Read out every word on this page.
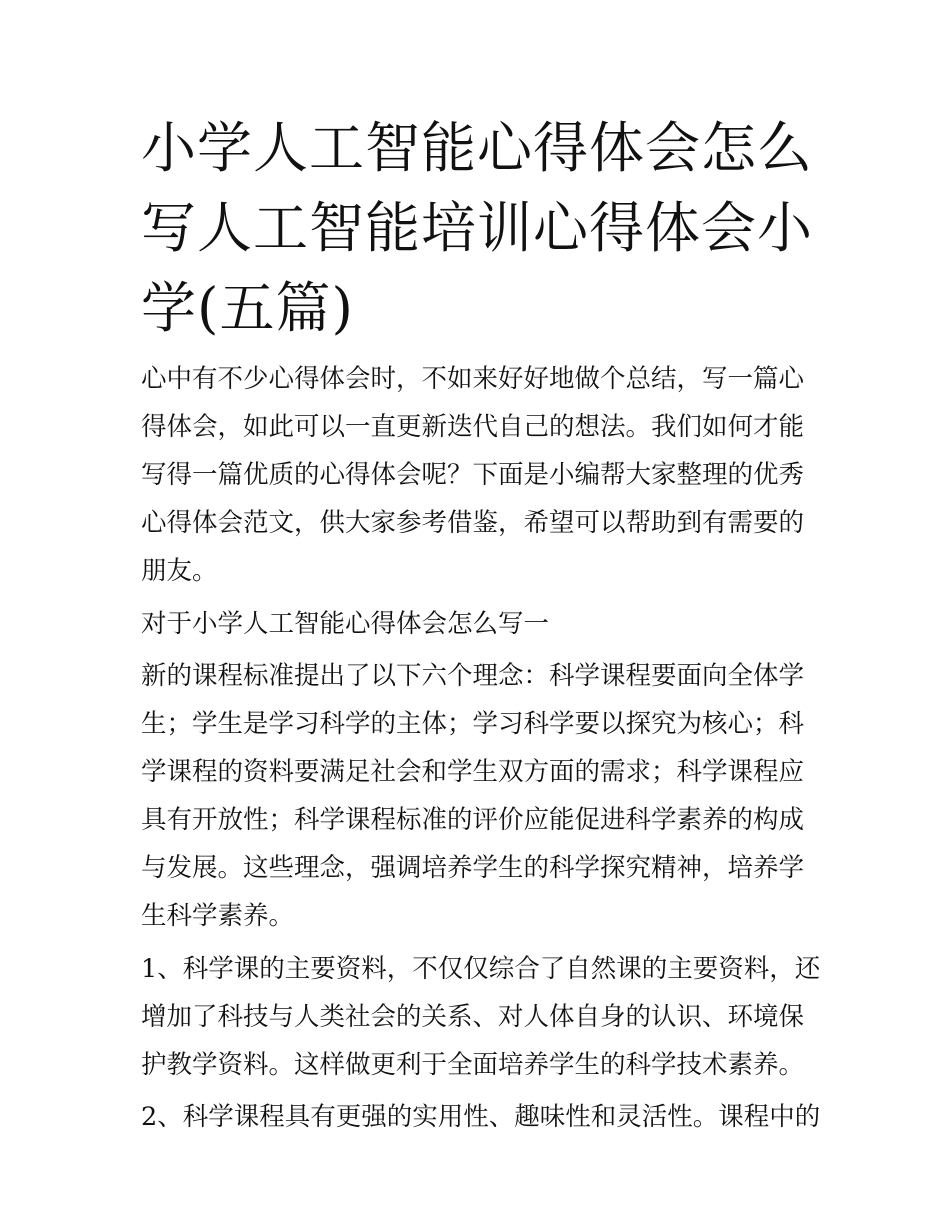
小学人工智能心得体会怎么写人工智能培训心得体会小学(五篇)

心中有不少心得体会时，不如来好好地做个总结，写一篇心得体会，如此可以一直更新迭代自己的想法。我们如何才能写得一篇优质的心得体会呢？下面是小编帮大家整理的优秀心得体会范文，供大家参考借鉴，希望可以帮助到有需要的朋友。

对于小学人工智能心得体会怎么写一

新的课程标准提出了以下六个理念：科学课程要面向全体学生；学生是学习科学的主体；学习科学要以探究为核心；科学课程的资料要满足社会和学生双方面的需求；科学课程应具有开放性；科学课程标准的评价应能促进科学素养的构成与发展。这些理念，强调培养学生的科学探究精神，培养学生科学素养。

1、科学课的主要资料，不仅仅综合了自然课的主要资料，还增加了科技与人类社会的关系、对人体自身的认识、环境保护教学资料。这样做更利于全面培养学生的科学技术素养。

2、科学课程具有更强的实用性、趣味性和灵活性。课程中的
